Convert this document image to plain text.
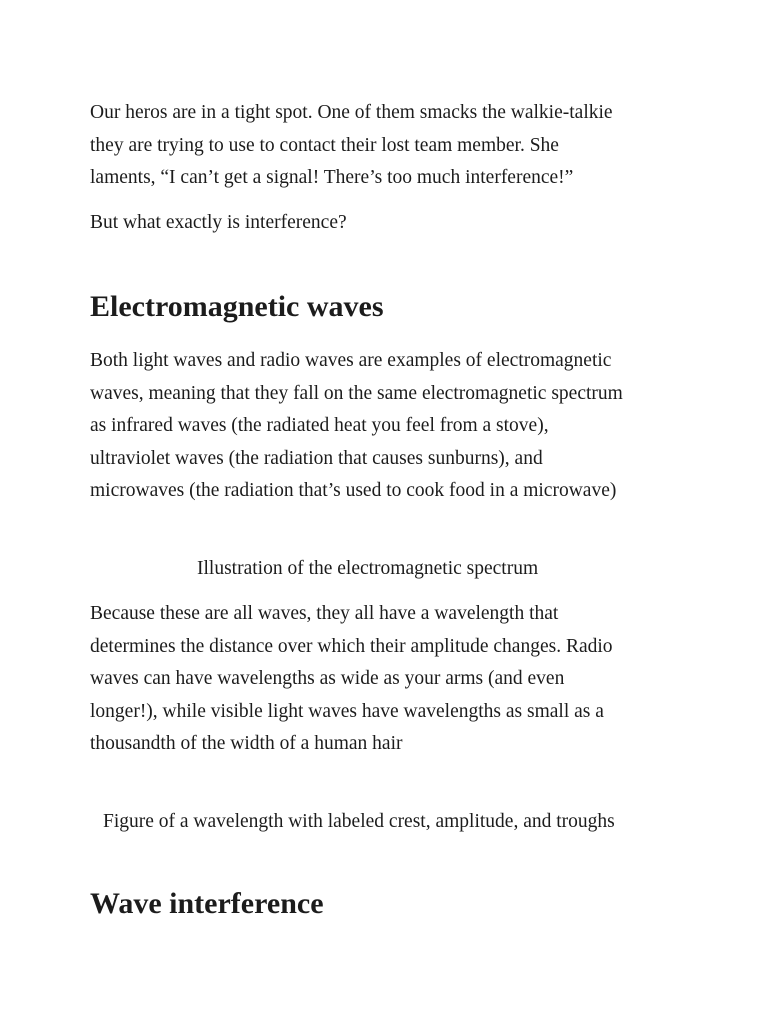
Our heros are in a tight spot. One of them smacks the walkie-talkie
they are trying to use to contact their lost team member. She
laments, “I can’t get a signal! There’s too much interference!”

But what exactly is interference?

Electromagnetic waves

Both light waves and radio waves are examples of electromagnetic
waves, meaning that they fall on the same electromagnetic spectrum
as infrared waves (the radiated heat you feel from a stove),
ultraviolet waves (the radiation that causes sunburns), and
microwaves (the radiation that’s used to cook food in a microwave)

Illustration of the electromagnetic spectrum

Because these are all waves, they all have a wavelength that
determines the distance over which their amplitude changes. Radio
waves can have wavelengths as wide as your arms (and even
longer!), while visible light waves have wavelengths as small as a
thousandth of the width of a human hair

Figure of a wavelength with labeled crest, amplitude, and troughs

Wave interference
